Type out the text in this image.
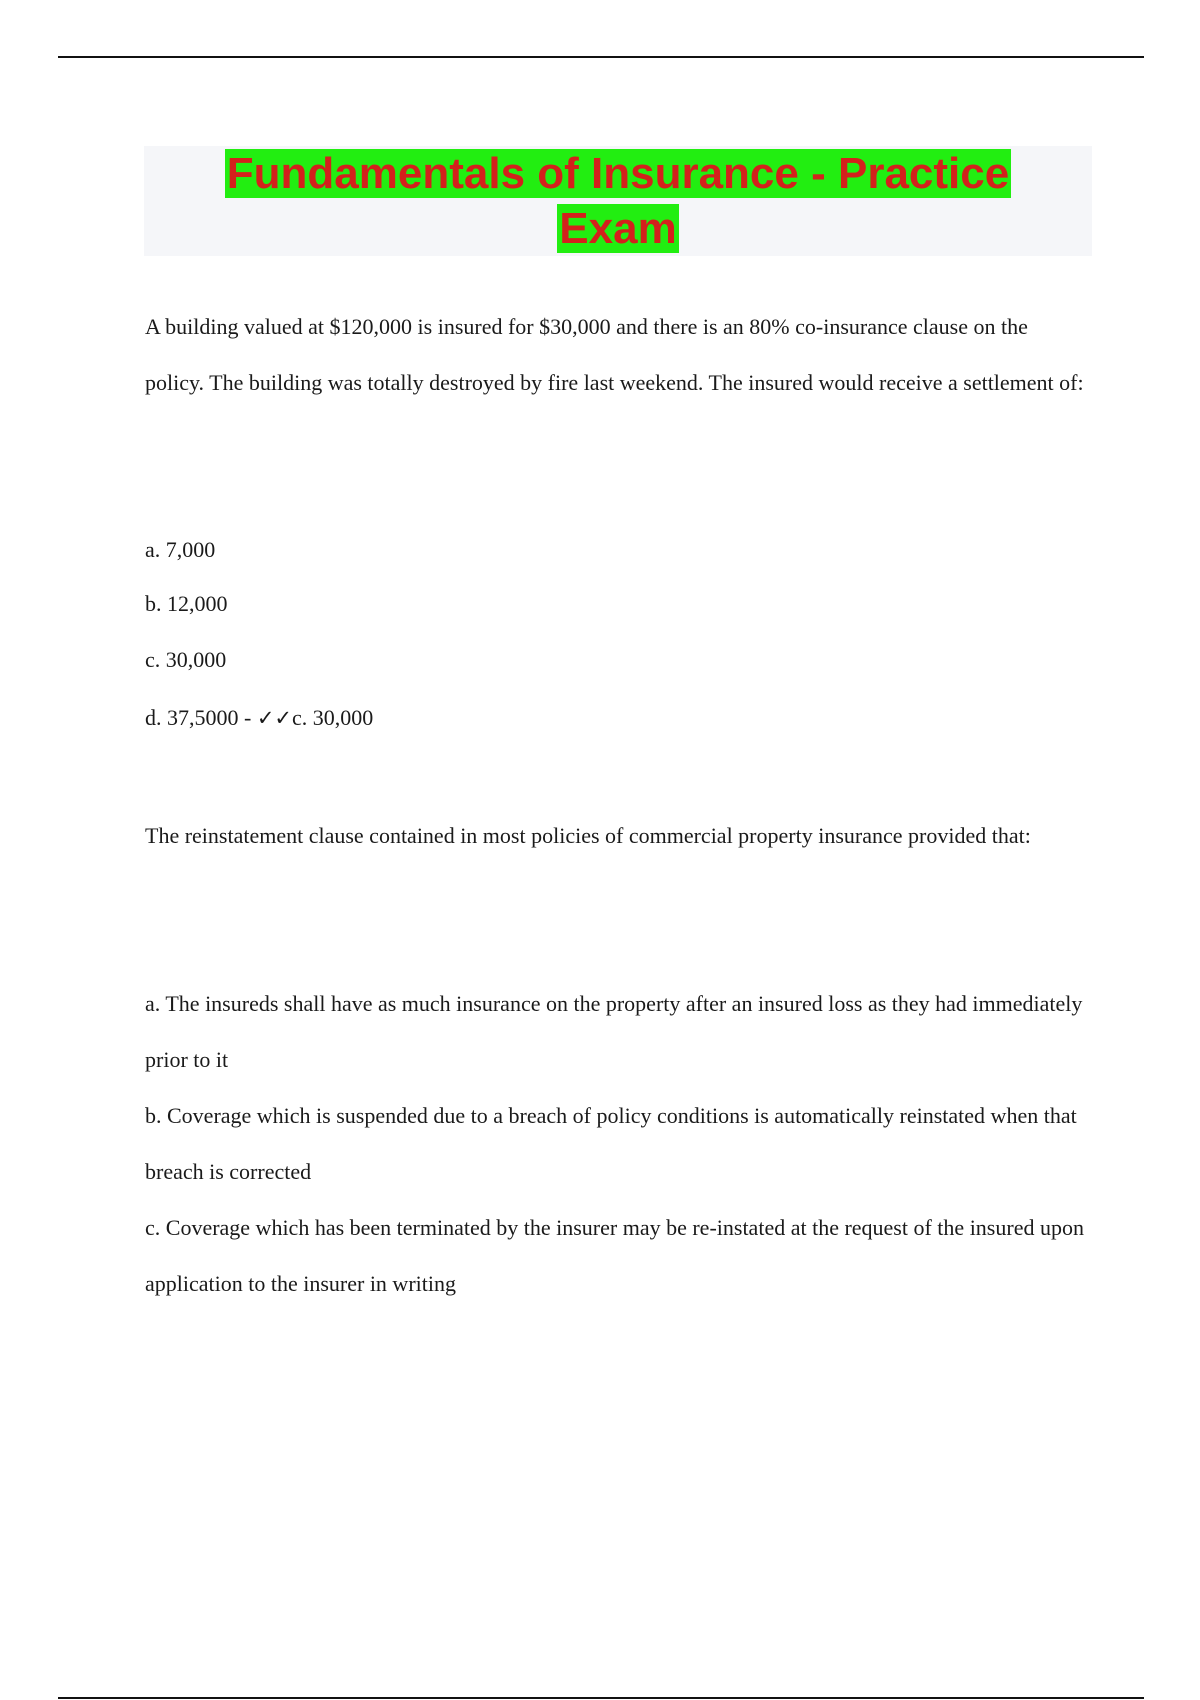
Fundamentals of Insurance - Practice
Exam

A building valued at $120,000 is insured for $30,000 and there is an 80% co-insurance clause on the policy. The building was totally destroyed by fire last weekend. The insured would receive a settlement of:

a. 7,000

b. 12,000

c. 30,000

d. 37,5000 - ✓✓c. 30,000

The reinstatement clause contained in most policies of commercial property insurance provided that:

a. The insureds shall have as much insurance on the property after an insured loss as they had immediately prior to it

b. Coverage which is suspended due to a breach of policy conditions is automatically reinstated when that breach is corrected

c. Coverage which has been terminated by the insurer may be re-instated at the request of the insured upon application to the insurer in writing
